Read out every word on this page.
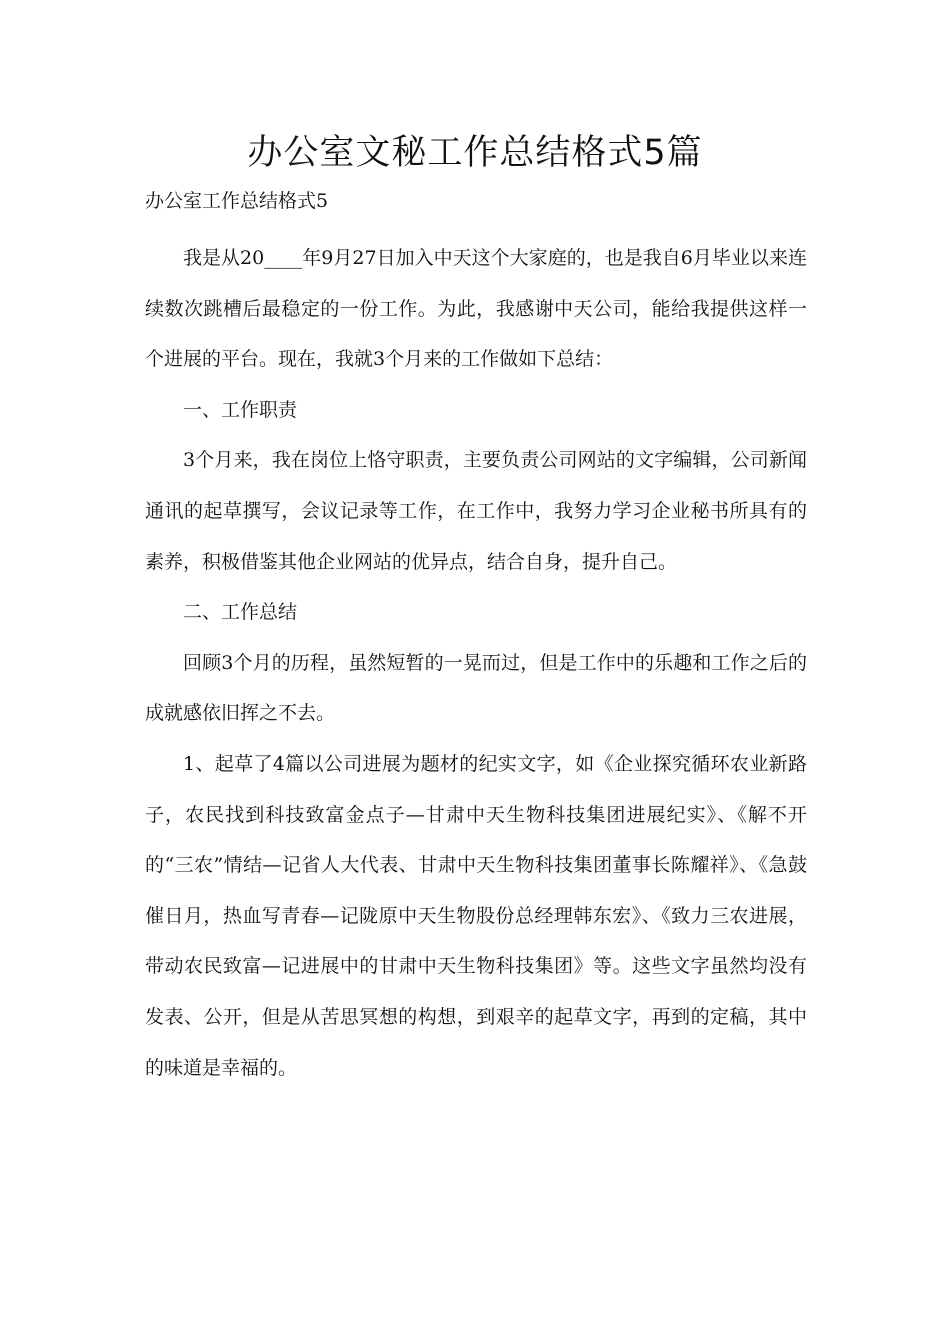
办公室文秘工作总结格式5篇
办公室工作总结格式5

我是从20____年9月27日加入中天这个大家庭的，也是我自6月毕业以来连续数次跳槽后最稳定的一份工作。为此，我感谢中天公司，能给我提供这样一个进展的平台。现在，我就3个月来的工作做如下总结：

一、工作职责

3个月来，我在岗位上恪守职责，主要负责公司网站的文字编辑，公司新闻通讯的起草撰写，会议记录等工作，在工作中，我努力学习企业秘书所具有的素养，积极借鉴其他企业网站的优异点，结合自身，提升自己。

二、工作总结

回顾3个月的历程，虽然短暂的一晃而过，但是工作中的乐趣和工作之后的成就感依旧挥之不去。

1、起草了4篇以公司进展为题材的纪实文字，如《企业探究循环农业新路子，农民找到科技致富金点子—甘肃中天生物科技集团进展纪实》、《解不开的“三农”情结—记省人大代表、甘肃中天生物科技集团董事长陈耀祥》、《急鼓催日月，热血写青春—记陇原中天生物股份总经理韩东宏》、《致力三农进展，带动农民致富—记进展中的甘肃中天生物科技集团》等。这些文字虽然均没有发表、公开，但是从苦思冥想的构想，到艰辛的起草文字，再到的定稿，其中的味道是幸福的。
